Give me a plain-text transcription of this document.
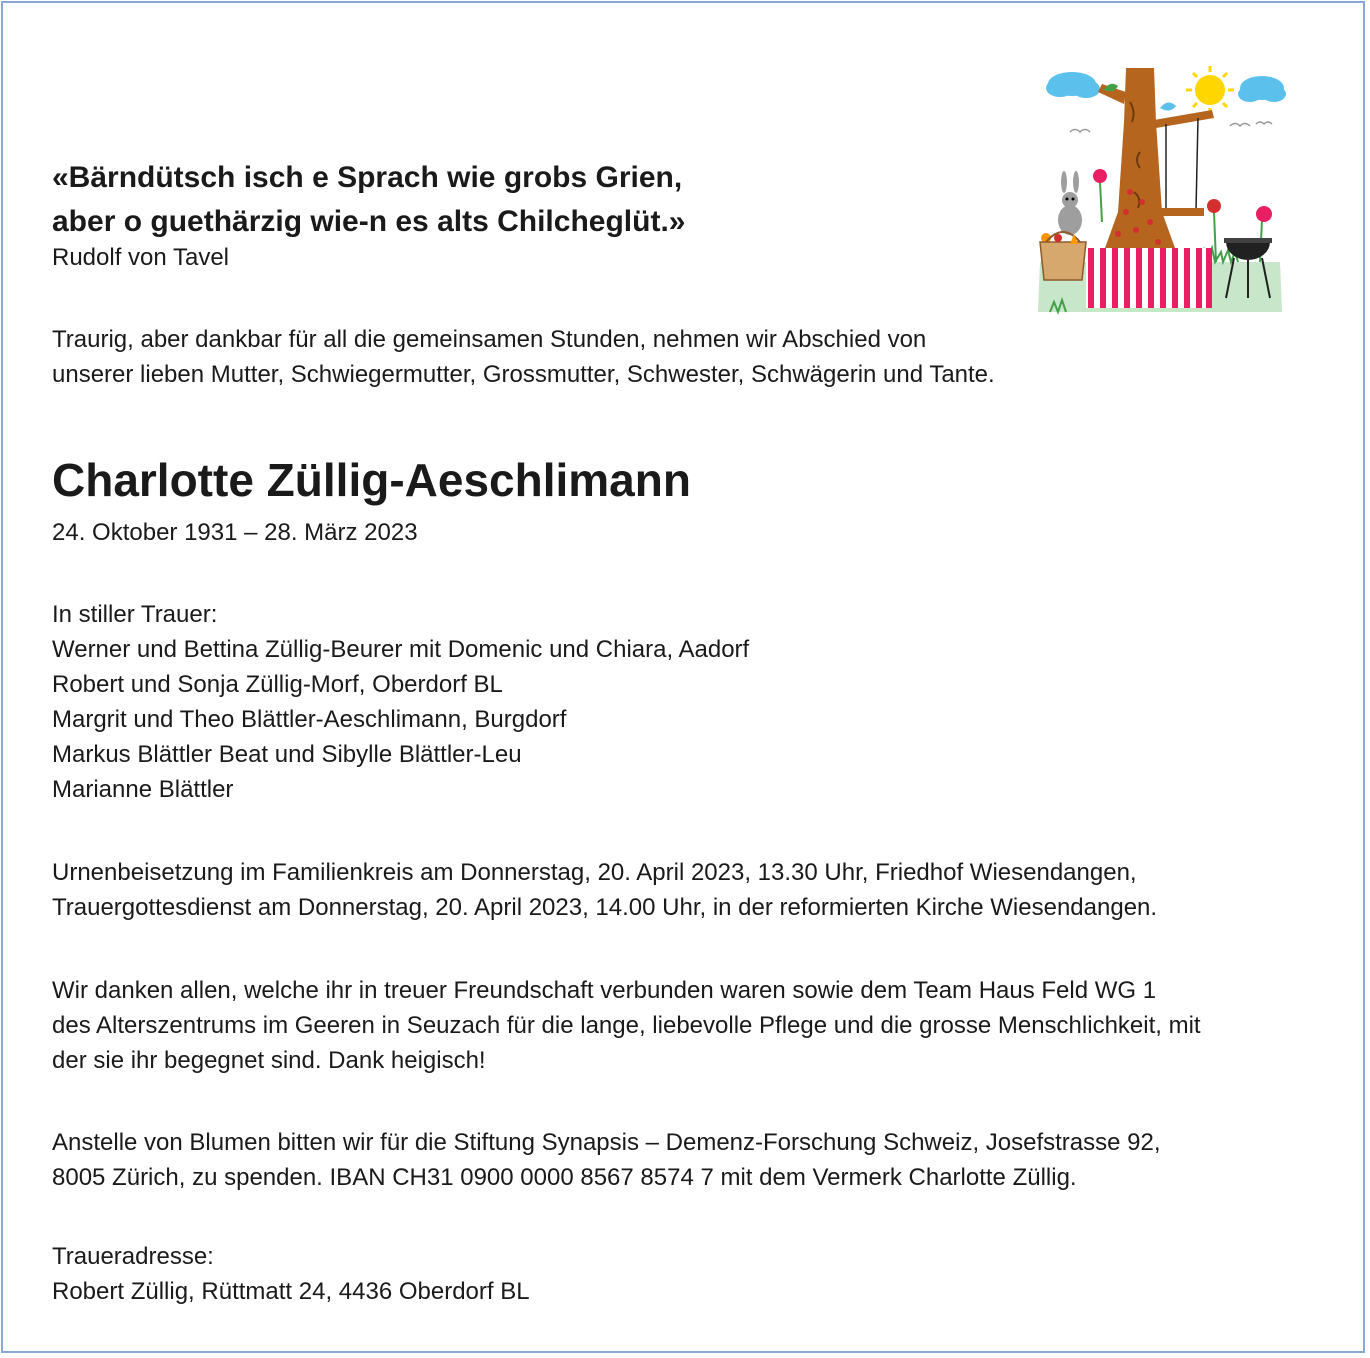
«Bärndütsch isch e Sprach wie grobs Grien,
aber o guethärzig wie-n es alts Chilcheglüt.»

Rudolf von Tavel

Traurig, aber dankbar für all die gemeinsamen Stunden, nehmen wir Abschied von
unserer lieben Mutter, Schwiegermutter, Grossmutter, Schwester, Schwägerin und Tante.
Charlotte Züllig-Aeschlimann

24. Oktober 1931 – 28. März 2023

In stiller Trauer:
Werner und Bettina Züllig-Beurer mit Domenic und Chiara, Aadorf
Robert und Sonja Züllig-Morf, Oberdorf BL
Margrit und Theo Blättler-Aeschlimann, Burgdorf
Markus Blättler Beat und Sibylle Blättler-Leu
Marianne Blättler
Urnenbeisetzung im Familienkreis am Donnerstag, 20. April 2023, 13.30 Uhr, Friedhof Wiesendangen,
Trauergottesdienst am Donnerstag, 20. April 2023, 14.00 Uhr, in der reformierten Kirche Wiesendangen.
Wir danken allen, welche ihr in treuer Freundschaft verbunden waren sowie dem Team Haus Feld WG 1
des Alterszentrums im Geeren in Seuzach für die lange, liebevolle Pflege und die grosse Menschlichkeit, mit
der sie ihr begegnet sind. Dank heigisch!
Anstelle von Blumen bitten wir für die Stiftung Synapsis – Demenz-Forschung Schweiz, Josefstrasse 92,
8005 Zürich, zu spenden. IBAN CH31 0900 0000 8567 8574 7 mit dem Vermerk Charlotte Züllig.
Traueradresse:
Robert Züllig, Rüttmatt 24, 4436 Oberdorf BL
